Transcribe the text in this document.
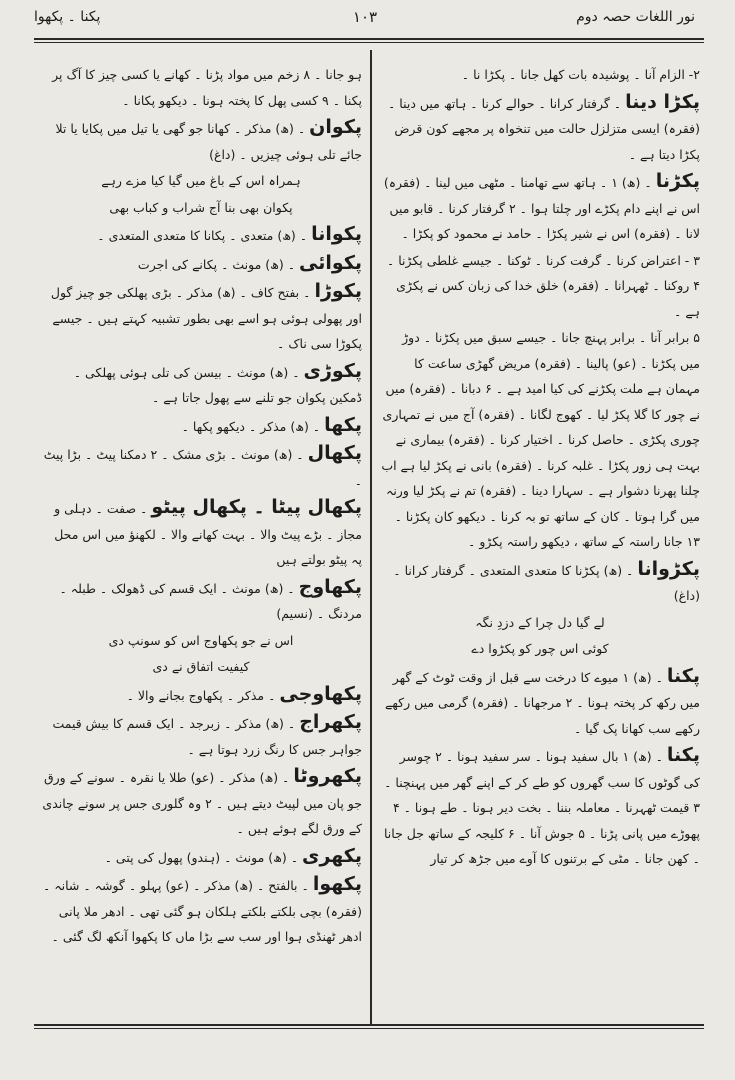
پکنا ۔ پکھوا	۱۰۳	نور اللغات حصہ دوم
۲- الزام آنا ۔ پوشیدہ بات کھل جانا ۔ پکڑا نا ۔
پکڑا دینا۔ گرفتار کرانا ۔ حوالے کرنا ۔ ہاتھ میں دینا ۔ (فقرہ) ایسی متزلزل حالت میں تنخواہ پر مجھے کون قرض پکڑا دیتا ہے ۔
پکڑنا۔ (ھ) ۱ ۔ ہاتھ سے تھامنا ۔ مٹھی میں لینا ۔ (فقرہ) اس نے اپنے دام پکڑے اور چلتا ہوا ۔ ۲ گرفتار کرنا ۔ قابو میں لانا ۔ (فقرہ) اس نے شیر پکڑا ۔ حامد نے محمود کو پکڑا ۔
۳ - اعتراض کرنا ۔ گرفت کرنا ۔ ٹوکنا ۔ جیسے غلطی پکڑنا ۔ ۴ روکنا ۔ ٹھہرانا ۔ (فقرہ) خلق خدا کی زبان کس نے پکڑی ہے ۔
۵ برابر آنا ۔ برابر پہنچ جانا ۔ جیسے سبق میں پکڑنا ۔ دوڑ میں پکڑنا ۔ (عو) پالینا ۔ (فقرہ) مریض گھڑی ساعت کا مہمان ہے ملت پکڑنے کی کیا امید ہے ۔ ۶ دبانا ۔ (فقرہ) میں نے چور کا گلا پکڑ لیا ۔ کھوج لگانا ۔ (فقرہ) آج میں نے تمہاری چوری پکڑی ۔ حاصل کرنا ۔ اختیار کرنا ۔ (فقرہ) بیماری نے بہت ہی زور پکڑا ۔ غلبہ کرنا ۔ (فقرہ) بانی نے پکڑ لیا ہے اب چلنا پھرنا دشوار ہے ۔ سہارا دینا ۔ (فقرہ) تم نے پکڑ لیا ورنہ میں گرا ہوتا ۔ کان کے ساتھ تو بہ کرنا ۔ دیکھو کان پکڑنا ۔ ۱۳ جانا راستہ کے ساتھ ، دیکھو راستہ پکڑو ۔
پکڑوانا۔ (ھ) پکڑنا کا متعدی المتعدی ۔ گرفتار کرانا ۔ (داغ)
لے گیا دل چرا کے دزدِ نگہ
کوئی اس چور کو پکڑوا دے
پکنا۔ (ھ) ۱ میوے کا درخت سے قبل از وقت ٹوٹ کے گھر میں رکھ کر پختہ ہونا ۔ ۲ مرجھانا ۔ (فقرہ) گرمی میں رکھے رکھے سب کھانا پک گیا ۔
پکنا۔ (ھ) ۱ بال سفید ہونا ۔ سر سفید ہونا ۔ ۲ چوسر کی گوٹوں کا سب گھروں کو طے کر کے اپنے گھر میں پہنچنا ۔ ۳ قیمت ٹھہرنا ۔ معاملہ بننا ۔ بخت دیر ہونا ۔ طے ہونا ۔ ۴ پھوڑے میں پانی پڑنا ۔ ۵ جوش آنا ۔ ۶ کلیجہ کے ساتھ جل جانا ۔ کھن جانا ۔ مٹی کے برتنوں کا آوے میں جڑھ کر تیار
ہو جانا ۔ ۸ زخم میں مواد پڑنا ۔ کھانے یا کسی چیز کا آگ پر پکنا ۔ ۹ کسی پھل کا پختہ ہونا ۔ دیکھو پکانا ۔
پکوان۔ (ھ) مذکر ۔ کھانا جو گھی یا تیل میں پکایا یا تلا جائے تلی ہوئی چیزیں ۔ (داغ)
ہمراہ اس کے باغ میں گیا کیا مزے رہے
پکوان بھی بنا آج شراب و کباب بھی
پکوانا۔ (ھ) متعدی ۔ پکانا کا متعدی المتعدی ۔
پکوائی۔ (ھ) مونث ۔ پکانے کی اجرت
پکوڑا۔ بفتح کاف ۔ (ھ) مذکر ۔ بڑی پھلکی جو چیز گول اور پھولی ہوئی ہو اسے بھی بطور تشبیہ کہتے ہیں ۔ جیسے پکوڑا سی ناک ۔
پکوڑی۔ (ھ) مونث ۔ بیسن کی تلی ہوئی پھلکی ۔ ڈمکین پکوان جو تلنے سے پھول جاتا ہے ۔
پکھا۔ (ھ) مذکر ۔ دیکھو پکھا ۔
پکھال۔ (ھ) مونث ۔ بڑی مشک ۔ ۲ دمکنا پیٹ ۔ بڑا پیٹ ۔
پکھال پیٹا ۔ پکھال پیٹو۔ صفت ۔ دہلی و مجاز ۔ بڑے پیٹ والا ۔ بہت کھانے والا ۔ لکھنؤ میں اس محل پہ پیٹو بولتے ہیں
پکھاوج۔ (ھ) مونث ۔ ایک قسم کی ڈھولک ۔ طبلہ ۔ مردنگ ۔ (نسیم)
اس نے جو پکھاوج اس کو سونپ دی
کیفیت اتفاق نے دی
پکھاوجی۔ مذکر ۔ پکھاوج بجانے والا ۔
پکھراج۔ (ھ) مذکر ۔ زبرجد ۔ ایک قسم کا بیش قیمت جواہر جس کا رنگ زرد ہوتا ہے ۔
پکھروٹا۔ (ھ) مذکر ۔ (عو) طلا یا نقرہ ۔ سونے کے ورق جو پان میں لپیٹ دیتے ہیں ۔ ۲ وہ گلوری جس پر سونے چاندی کے ورق لگے ہوئے ہیں ۔
پکھری۔ (ھ) مونث ۔ (ہندو) پھول کی پتی ۔
پکھوا۔ بالفتح ۔ (ھ) مذکر ۔ (عو) پہلو ۔ گوشہ ۔ شانہ ۔ (فقرہ) بچی بلکتے بلکتے ہلکان ہو گئی تھی ۔ ادھر ملا پانی ادھر ٹھنڈی ہوا اور سب سے بڑا ماں کا پکھوا آنکھ لگ گئی ۔
